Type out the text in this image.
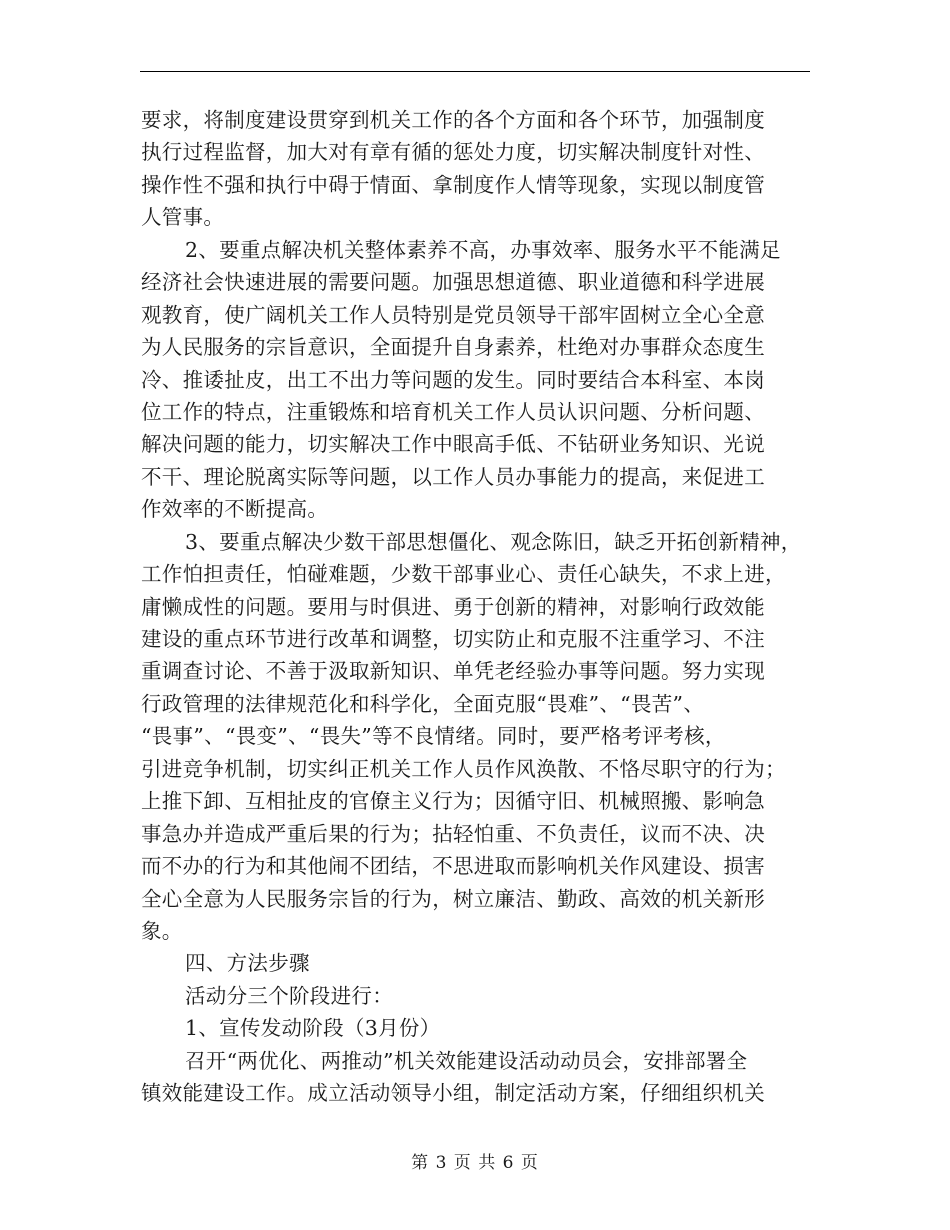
要求，将制度建设贯穿到机关工作的各个方面和各个环节，加强制度
执行过程监督，加大对有章有循的惩处力度，切实解决制度针对性、
操作性不强和执行中碍于情面、拿制度作人情等现象，实现以制度管
人管事。
2、要重点解决机关整体素养不高，办事效率、服务水平不能满足
经济社会快速进展的需要问题。加强思想道德、职业道德和科学进展
观教育，使广阔机关工作人员特别是党员领导干部牢固树立全心全意
为人民服务的宗旨意识，全面提升自身素养，杜绝对办事群众态度生
冷、推诿扯皮，出工不出力等问题的发生。同时要结合本科室、本岗
位工作的特点，注重锻炼和培育机关工作人员认识问题、分析问题、
解决问题的能力，切实解决工作中眼高手低、不钻研业务知识、光说
不干、理论脱离实际等问题，以工作人员办事能力的提高，来促进工
作效率的不断提高。
3、要重点解决少数干部思想僵化、观念陈旧，缺乏开拓创新精神，
工作怕担责任，怕碰难题，少数干部事业心、责任心缺失，不求上进，
庸懒成性的问题。要用与时俱进、勇于创新的精神，对影响行政效能
建设的重点环节进行改革和调整，切实防止和克服不注重学习、不注
重调查讨论、不善于汲取新知识、单凭老经验办事等问题。努力实现
行政管理的法律规范化和科学化，全面克服“畏难”、“畏苦”、
“畏事”、“畏变”、“畏失”等不良情绪。同时，要严格考评考核，
引进竞争机制，切实纠正机关工作人员作风涣散、不恪尽职守的行为；
上推下卸、互相扯皮的官僚主义行为；因循守旧、机械照搬、影响急
事急办并造成严重后果的行为；拈轻怕重、不负责任，议而不决、决
而不办的行为和其他闹不团结，不思进取而影响机关作风建设、损害
全心全意为人民服务宗旨的行为，树立廉洁、勤政、高效的机关新形
象。
四、方法步骤
活动分三个阶段进行：
1、宣传发动阶段（3月份）
召开“两优化、两推动”机关效能建设活动动员会，安排部署全
镇效能建设工作。成立活动领导小组，制定活动方案，仔细组织机关
第 3 页 共 6 页
